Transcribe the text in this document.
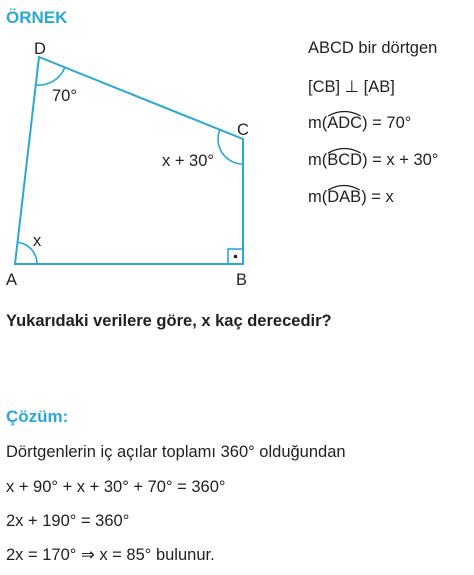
ÖRNEK
D
C
A	B
70°
x + 30°
x
ABCD bir dörtgen
[CB] ⊥ [AB]
m(
ADC) = 70°
m(
BCD) = x + 30°
m(
DAB) = x
Yukarıdaki verilere göre, x kaç derecedir?
Çözüm:
Dörtgenlerin iç açılar toplamı 360° olduğundan
x + 90° + x + 30° + 70° = 360°
2x + 190° = 360°
2x = 170° ⇒ x = 85° bulunur.
